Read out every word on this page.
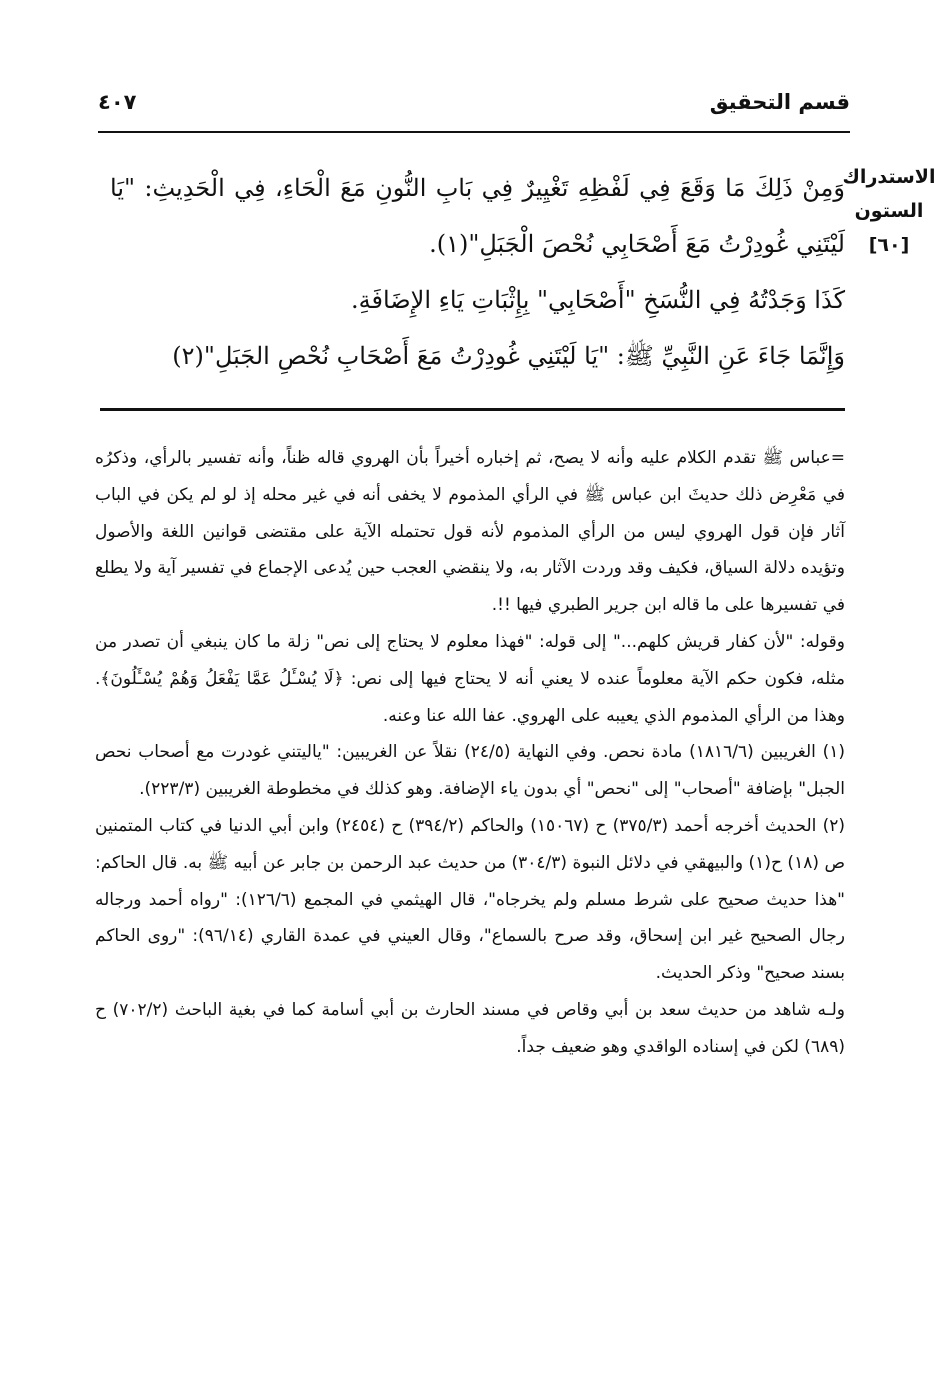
قسم التحقيق
٤٠٧
الاستدراك
الستون
[٦٠]

وَمِنْ ذَلِكَ مَا وَقَعَ فِي لَفْظِهِ تَغْيِيرٌ فِي بَابِ النُّونِ مَعَ الْحَاءِ، فِي الْحَدِيثِ: "يَا لَيْتَنِي غُودِرْتُ مَعَ أَصْحَابِي نُحْصَ الْجَبَلِ"(١).

كَذَا وَجَدْتُهُ فِي النُّسَخِ "أَصْحَابِي" بِإِثْبَاتِ يَاءِ الإِضَافَةِ.

وَإِنَّمَا جَاءَ عَنِ النَّبِيِّ ﷺ: "يَا لَيْتَنِي غُودِرْتُ مَعَ أَصْحَابِ نُحْصِ الجَبَلِ"(٢)

=عباس ﷺ تقدم الكلام عليه وأنه لا يصح، ثم إخباره أخيراً بأن الهروي قاله ظناً، وأنه تفسير بالرأي، وذكرُه في مَعْرِض ذلك حديثَ ابن عباس ﷺ في الرأي المذموم لا يخفى أنه في غير محله إذ لو لم يكن في الباب آثار فإن قول الهروي ليس من الرأي المذموم لأنه قول تحتمله الآية على مقتضى قوانين اللغة والأصول وتؤيده دلالة السياق، فكيف وقد وردت الآثار به، ولا ينقضي العجب حين يُدعى الإجماع في تفسير آية ولا يطلع في تفسيرها على ما قاله ابن جرير الطبري فيها !!.

وقوله: "لأن كفار قريش كلهم..." إلى قوله: "فهذا معلوم لا يحتاج إلى نص" زلة ما كان ينبغي أن تصدر من مثله، فكون حكم الآية معلوماً عنده لا يعني أنه لا يحتاج فيها إلى نص: ﴿لَا يُسْـَٔلُ عَمَّا يَفْعَلُ وَهُمْ يُسْـَٔلُونَ﴾. وهذا من الرأي المذموم الذي يعيبه على الهروي. عفا الله عنا وعنه.

(١) الغريبين (١٨١٦/٦) مادة نحص. وفي النهاية (٢٤/٥) نقلاً عن الغريبين: "ياليتني غودرت مع أصحاب نحص الجبل" بإضافة "أصحاب" إلى "نحص" أي بدون ياء الإضافة. وهو كذلك في مخطوطة الغريبين (٢٢٣/٣).

(٢) الحديث أخرجه أحمد (٣٧٥/٣) ح (١٥٠٦٧) والحاكم (٣٩٤/٢) ح (٢٤٥٤) وابن أبي الدنيا في كتاب المتمنين ص (١٨) ح(١) والبيهقي في دلائل النبوة (٣٠٤/٣) من حديث عبد الرحمن بن جابر عن أبيه ﷺ به. قال الحاكم: "هذا حديث صحيح على شرط مسلم ولم يخرجاه"، قال الهيثمي في المجمع (١٢٦/٦): "رواه أحمد ورجاله رجال الصحيح غير ابن إسحاق، وقد صرح بالسماع"، وقال العيني في عمدة القاري (٩٦/١٤): "روى الحاكم بسند صحيح" وذكر الحديث.

ولـه شاهد من حديث سعد بن أبي وقاص في مسند الحارث بن أبي أسامة كما في بغية الباحث (٧٠٢/٢) ح (٦٨٩) لكن في إسناده الواقدي وهو ضعيف جداً.
